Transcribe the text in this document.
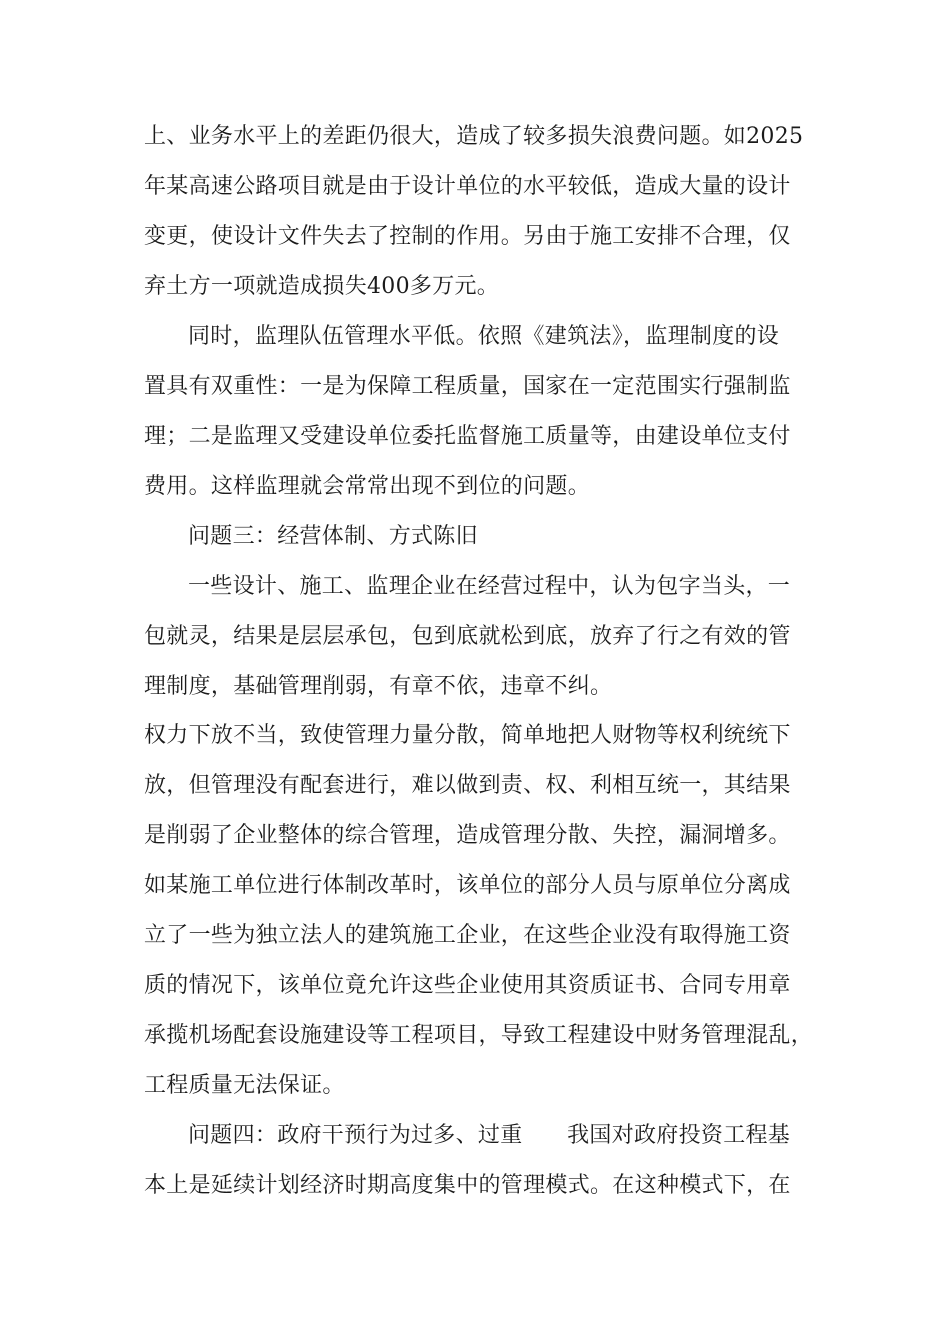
上、业务水平上的差距仍很大，造成了较多损失浪费问题。如2025
年某高速公路项目就是由于设计单位的水平较低，造成大量的设计
变更，使设计文件失去了控制的作用。另由于施工安排不合理，仅
弃土方一项就造成损失400多万元。
同时，监理队伍管理水平低。依照《建筑法》，监理制度的设
置具有双重性：一是为保障工程质量，国家在一定范围实行强制监
理；二是监理又受建设单位委托监督施工质量等，由建设单位支付
费用。这样监理就会常常出现不到位的问题。
问题三：经营体制、方式陈旧
一些设计、施工、监理企业在经营过程中，认为包字当头，一
包就灵，结果是层层承包，包到底就松到底，放弃了行之有效的管
理制度，基础管理削弱，有章不依，违章不纠。
权力下放不当，致使管理力量分散，简单地把人财物等权利统统下
放，但管理没有配套进行，难以做到责、权、利相互统一，其结果
是削弱了企业整体的综合管理，造成管理分散、失控，漏洞增多。
如某施工单位进行体制改革时，该单位的部分人员与原单位分离成
立了一些为独立法人的建筑施工企业，在这些企业没有取得施工资
质的情况下，该单位竟允许这些企业使用其资质证书、合同专用章
承揽机场配套设施建设等工程项目，导致工程建设中财务管理混乱，
工程质量无法保证。
问题四：政府干预行为过多、过重　　我国对政府投资工程基
本上是延续计划经济时期高度集中的管理模式。在这种模式下，在
